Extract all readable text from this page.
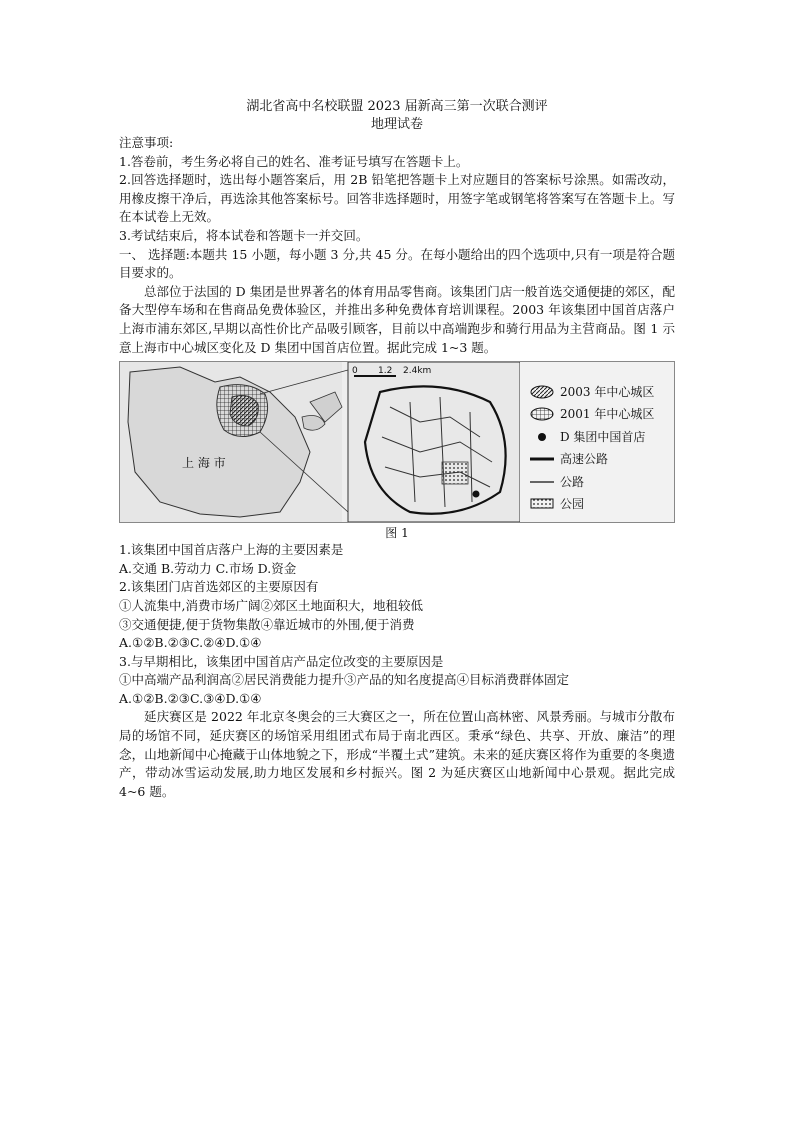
湖北省高中名校联盟 2023 届新高三第一次联合测评
地理试卷

注意事项:

1.答卷前，考生务必将自己的姓名、准考证号填写在答题卡上。

2.回答选择题时，选出每小题答案后，用 2B 铅笔把答题卡上对应题目的答案标号涂黑。如需改动，用橡皮擦干净后，再选涂其他答案标号。回答非选择题时，用签字笔或钢笔将答案写在答题卡上。写在本试卷上无效。

3.考试结束后，将本试卷和答题卡一并交回。

一、 选择题:本题共 15 小题，每小题 3 分,共 45 分。在每小题给出的四个选项中,只有一项是符合题目要求的。

总部位于法国的 D 集团是世界著名的体育用品零售商。该集团门店一般首选交通便捷的郊区，配备大型停车场和在售商品免费体验区，并推出多种免费体育培训课程。2003 年该集团中国首店落户上海市浦东郊区,早期以高性价比产品吸引顾客，目前以中高端跑步和骑行用品为主营商品。图 1 示意上海市中心城区变化及 D 集团中国首店位置。据此完成 1~3 题。

上 海 市
0 1.2 2.4km
2003 年中心城区
2001 年中心城区
D 集团中国首店
高速公路
公路
公园
图 1

1.该集团中国首店落户上海的主要因素是

A.交通 B.劳动力 C.市场 D.资金

2.该集团门店首选郊区的主要原因有

①人流集中,消费市场广阔②郊区土地面积大，地租较低

③交通便捷,便于货物集散④靠近城市的外围,便于消费

A.①②B.②③C.②④D.①④

3.与早期相比，该集团中国首店产品定位改变的主要原因是

①中高端产品利润高②居民消费能力提升③产品的知名度提高④目标消费群体固定

A.①②B.②③C.③④D.①④

延庆赛区是 2022 年北京冬奥会的三大赛区之一，所在位置山高林密、风景秀丽。与城市分散布局的场馆不同，延庆赛区的场馆采用组团式布局于南北西区。秉承“绿色、共享、开放、廉洁”的理念，山地新闻中心掩藏于山体地貌之下，形成“半覆土式”建筑。未来的延庆赛区将作为重要的冬奥遗产，带动冰雪运动发展,助力地区发展和乡村振兴。图 2 为延庆赛区山地新闻中心景观。据此完成 4~6 题。
